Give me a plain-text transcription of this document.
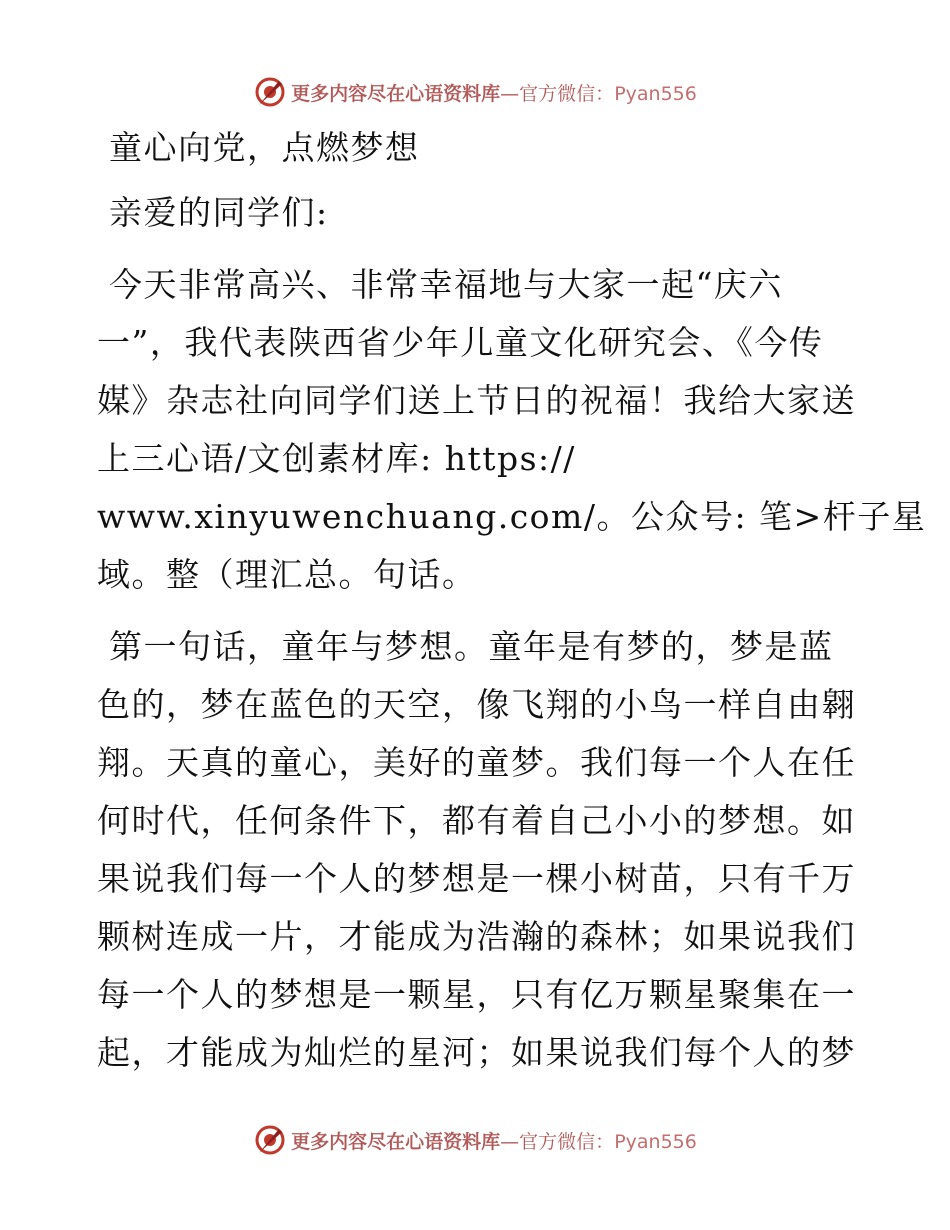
更多内容尽在心语资料库—官方微信：Pyan556
童心向党，点燃梦想
亲爱的同学们:
今天非常高兴、非常幸福地与大家一起“庆六
一”，我代表陕西省少年儿童文化研究会、《今传
媒》杂志社向同学们送上节日的祝福！我给大家送
上三心语/文创素材库: https://
www.xinyuwenchuang.com/。公众号: 笔>杆子星
域。整（理汇总。句话。
第一句话，童年与梦想。童年是有梦的，梦是蓝
色的，梦在蓝色的天空，像飞翔的小鸟一样自由翱
翔。天真的童心，美好的童梦。我们每一个人在任
何时代，任何条件下，都有着自己小小的梦想。如
果说我们每一个人的梦想是一棵小树苗，只有千万
颗树连成一片，才能成为浩瀚的森林；如果说我们
每一个人的梦想是一颗星，只有亿万颗星聚集在一
起，才能成为灿烂的星河；如果说我们每个人的梦
更多内容尽在心语资料库—官方微信：Pyan556
